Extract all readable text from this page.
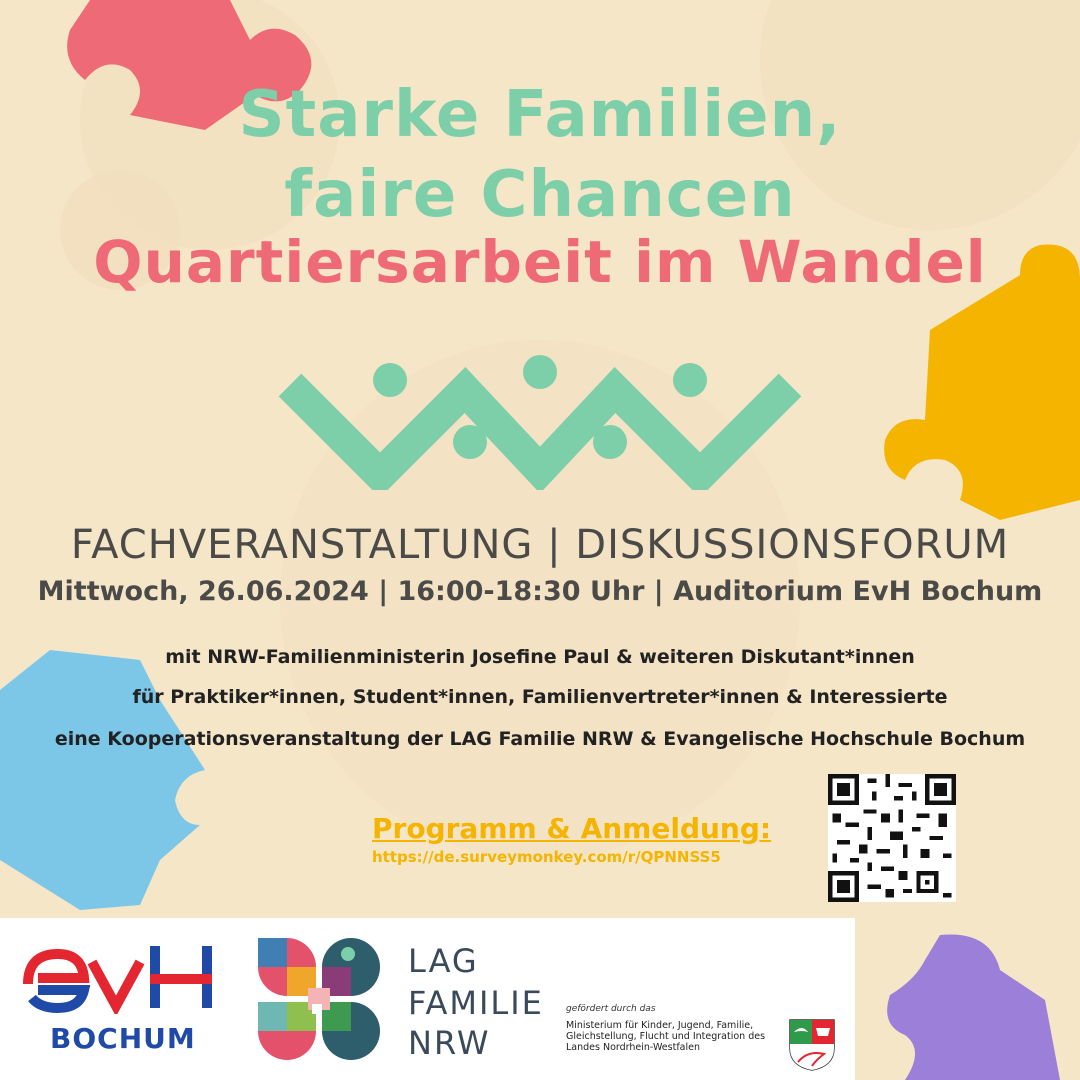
Starke Familien,
faire Chancen
Quartiersarbeit im Wandel
FACHVERANSTALTUNG | DISKUSSIONSFORUM
Mittwoch, 26.06.2024 | 16:00-18:30 Uhr | Auditorium EvH Bochum
mit NRW-Familienministerin Josefine Paul & weiteren Diskutant*innen
für Praktiker*innen, Student*innen, Familienvertreter*innen & Interessierte
eine Kooperationsveranstaltung der LAG Familie NRW & Evangelische Hochschule Bochum
Programm & Anmeldung:
https://de.surveymonkey.com/r/QPNNSS5
BOCHUM
LAG
FAMILIE
NRW
gefördert durch das
Ministerium für Kinder, Jugend, Familie, Gleichstellung, Flucht und Integration des Landes Nordrhein-Westfalen
